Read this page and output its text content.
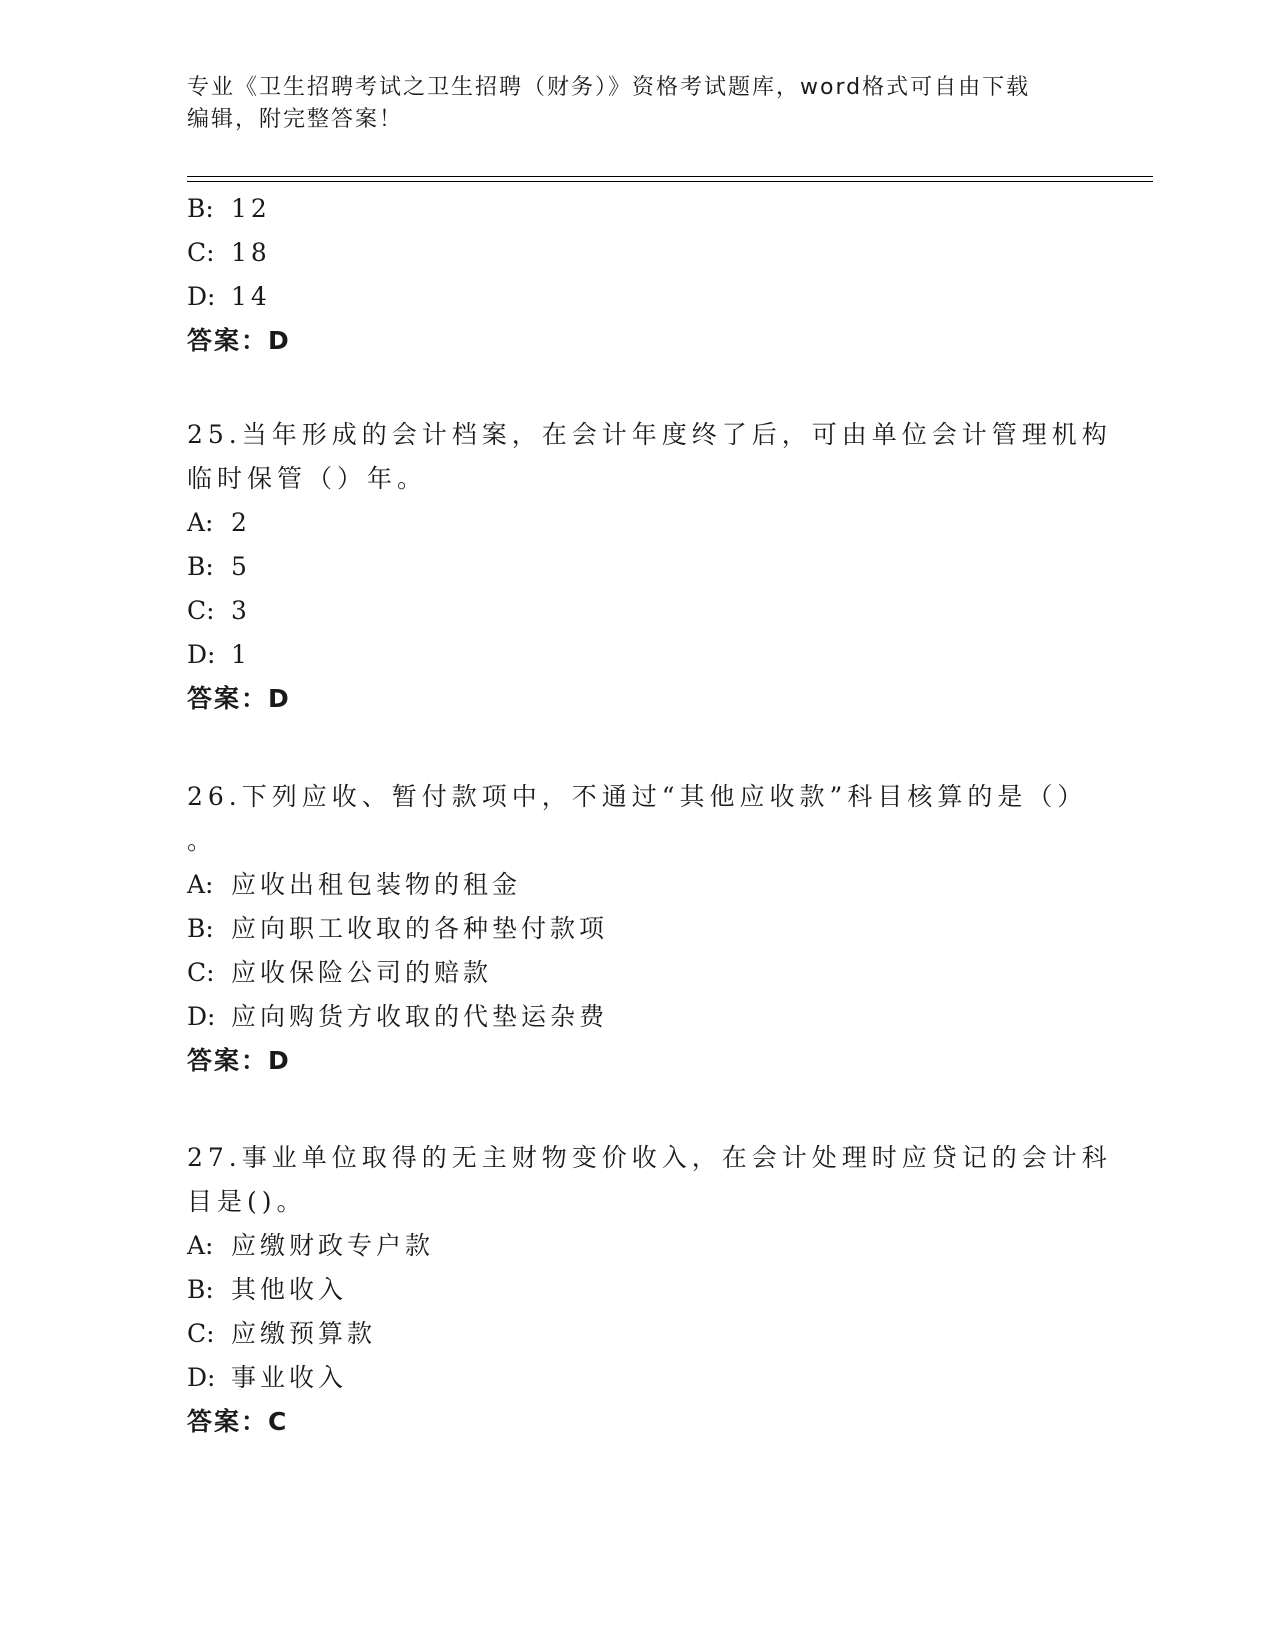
专业《卫生招聘考试之卫生招聘（财务）》资格考试题库，word格式可自由下载
编辑，附完整答案！
B: 12
C: 18
D: 14
答案：D
25.当年形成的会计档案，在会计年度终了后，可由单位会计管理机构
临时保管（）年。
A: 2
B: 5
C: 3
D: 1
答案：D
26.下列应收、暂付款项中，不通过“其他应收款”科目核算的是（）
。
A: 应收出租包装物的租金
B: 应向职工收取的各种垫付款项
C: 应收保险公司的赔款
D: 应向购货方收取的代垫运杂费
答案：D
27.事业单位取得的无主财物变价收入，在会计处理时应贷记的会计科
目是()。
A: 应缴财政专户款
B: 其他收入
C: 应缴预算款
D: 事业收入
答案：C
